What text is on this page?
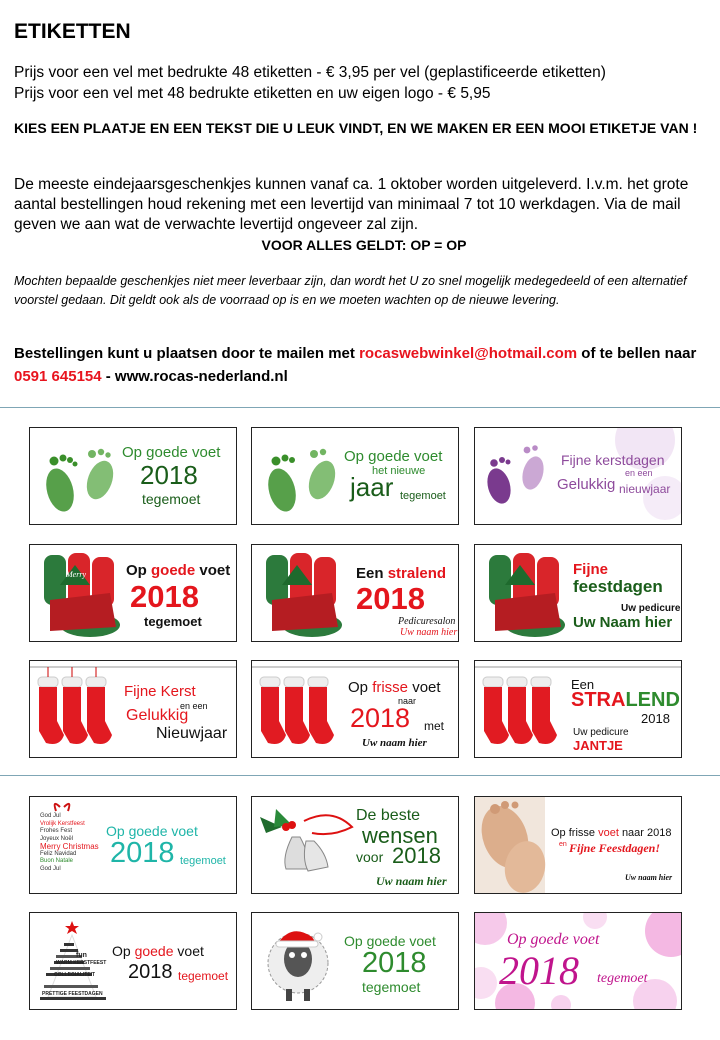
ETIKETTEN
Prijs voor een vel met bedrukte 48 etiketten - € 3,95 per vel (geplastificeerde etiketten)
Prijs voor een vel met 48 bedrukte etiketten en uw eigen logo - € 5,95
KIES EEN PLAATJE EN EEN TEKST DIE U LEUK VINDT, EN WE MAKEN ER EEN MOOI ETIKETJE VAN !
De meeste eindejaarsgeschenkjes kunnen vanaf ca. 1 oktober worden uitgeleverd. I.v.m. het grote aantal bestellingen houd rekening met een levertijd van minimaal 7 tot 10 werkdagen. Via de mail geven we aan wat de verwachte levertijd ongeveer zal zijn.
VOOR ALLES GELDT: OP = OP
Mochten bepaalde geschenkjes niet meer leverbaar zijn, dan wordt het U zo snel mogelijk medegedeeld of een alternatief voorstel gedaan. Dit geldt ook als de voorraad op is en we moeten wachten op de nieuwe levering.
Bestellingen kunt u plaatsen door te mailen met rocaswebwinkel@hotmail.com of te bellen naar 0591 645154 - www.rocas-nederland.nl
Op goede voet
2018
tegemoet
Op goede voet
het nieuwe
jaar tegemoet
Fijne kerstdagen
en een
Gelukkig nieuwjaar
Merry	Op goede voet
2018
tegemoet
Een stralend
2018
Pedicuresalon
Uw naam hier
Fijne
feestdagen
Uw pedicure
Uw Naam hier
Fijne Kerst
en een
Gelukkig
Nieuwjaar
Op frisse voet
naar
2018 met
Uw naam hier
Een
STRALEND
2018
Uw pedicure
JANTJE
God Jul
Vrolijk Kerstfeest
Frohes Fest
Joyeux Noël
Merry Christmas
Feliz Navidad
Buon Natale
God Jul
Op goede voet
2018 tegemoet
De beste
wensen
voor 2018
Uw naam hier
Op frisse voet naar 2018
en Fijne Feestdagen!
Uw naam hier
fun
WARM KERSTFEEST
COLLEGIALITEIT
PRETTIGE FEESTDAGEN
Op goede voet
2018 tegemoet
Op goede voet
2018
tegemoet
Op goede voet
2018 tegemoet
